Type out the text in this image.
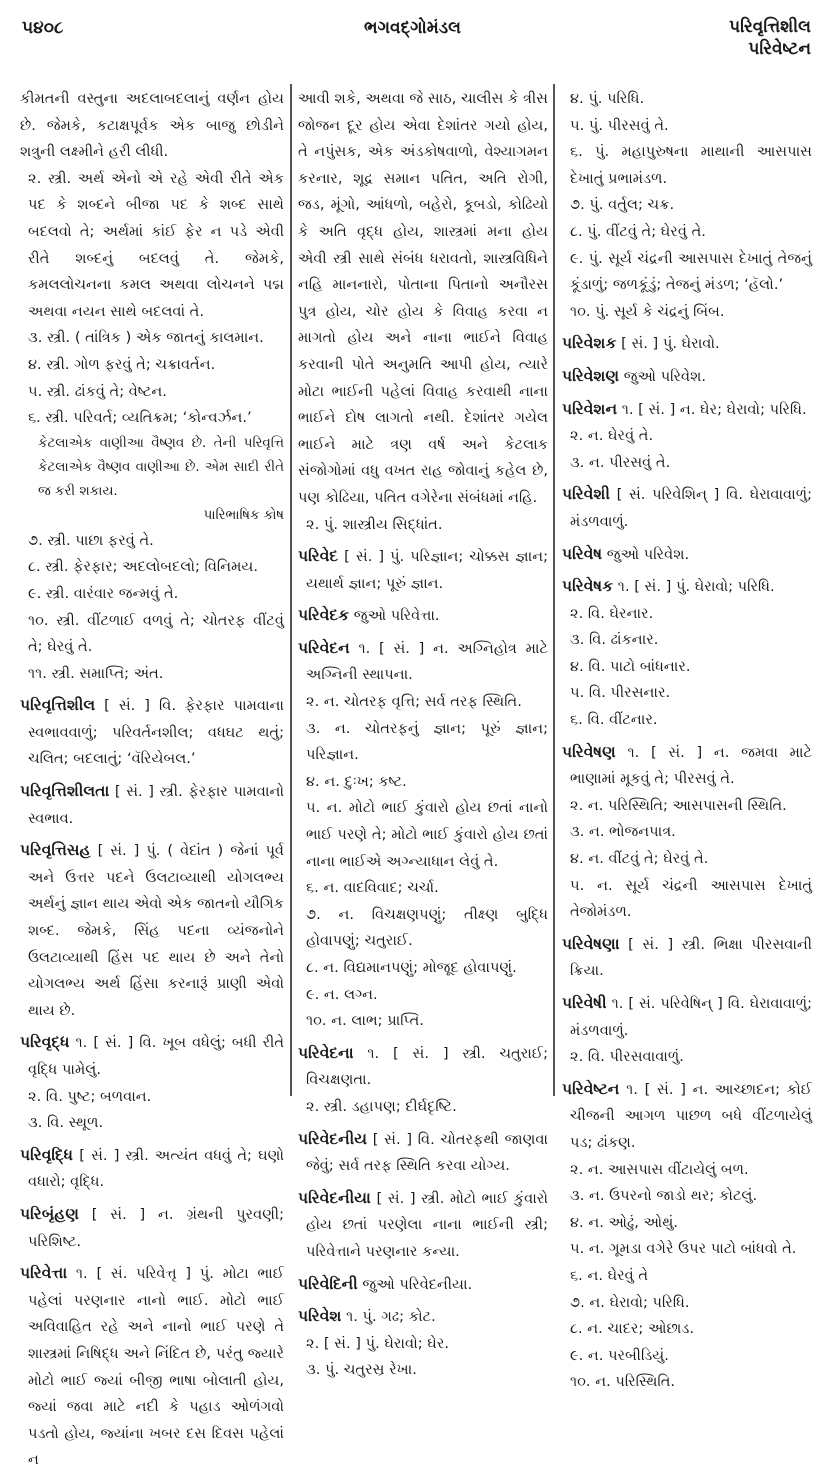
૫૪૦૮	ભગવદ્ગોમંડલ	પરિવૃત્તિશીલ
પરિવેષ્ટન

કીમતની વસ્તુના અદલાબદલાનું વર્ણન હોય છે. જેમકે, કટાક્ષપૂર્વક એક બાજુ છોડીને શત્રુની લક્ષ્મીને હરી લીધી.

૨. સ્ત્રી. અર્થ એનો એ રહે એવી રીતે એક પદ કે શબ્દને બીજા પદ કે શબ્દ સાથે બદલવો તે; અર્થમાં કાંઈ ફેર ન પડે એવી રીતે શબ્દનું બદલવું તે. જેમકે, કમલલોચનના કમલ અથવા લોચનને પદ્મ અથવા નયન સાથે બદલવાં તે.

૩. સ્ત્રી. ( તાંત્રિક ) એક જાતનું કાલમાન.

૪. સ્ત્રી. ગોળ ફરવું તે; ચક્રાવર્તન.

૫. સ્ત્રી. ઢાંકવું તે; વેષ્ટન.

૬. સ્ત્રી. પરિવર્ત; વ્યતિક્રમ; ‘કોન્વર્ઝન.’

કેટલાએક વાણીઆ વૈષ્ણવ છે. તેની પરિવૃત્તિ કેટલાએક વૈષ્ણવ વાણીઆ છે. એમ સાદી રીતે જ કરી શકાય.
પારિભાષિક કોષ

૭. સ્ત્રી. પાછા ફરવું તે.

૮. સ્ત્રી. ફેરફાર; અદલોબદલો; વિનિમય.

૯. સ્ત્રી. વારંવાર જન્મવું તે.

૧૦. સ્ત્રી. વીંટળાઈ વળવું તે; ચોતરફ વીંટવું તે; ઘેરવું તે.

૧૧. સ્ત્રી. સમાપ્તિ; અંત.

પરિવૃત્તિશીલ [ સં. ] વિ. ફેરફાર પામવાના સ્વભાવવાળું; પરિવર્તનશીલ; વધઘટ થતું; ચલિત; બદલાતું; ‘વૅરિયેબલ.’

પરિવૃત્તિશીલતા [ સં. ] સ્ત્રી. ફેરફાર પામવાનો સ્વભાવ.

પરિવૃત્તિસહ [ સં. ] પું. ( વેદાંત ) જેનાં પૂર્વ અને ઉત્તર પદને ઉલટાવ્યાથી યોગલભ્ય અર્થનું જ્ઞાન થાય એવો એક જાતનો યૌગિક શબ્દ. જેમકે, સિંહ પદના વ્યંજનોને ઉલટાવ્યાથી હિંસ પદ થાય છે અને તેનો યોગલભ્ય અર્થ હિંસા કરનારૂં પ્રાણી એવો થાય છે.

પરિવૃદ્ધ ૧. [ સં. ] વિ. ખૂબ વધેલું; બધી રીતે વૃદ્ધિ પામેલું.

૨. વિ. પુષ્ટ; બળવાન.

૩. વિ. સ્થૂળ.

પરિવૃદ્ધિ [ સં. ] સ્ત્રી. અત્યંત વધવું તે; ઘણો વધારો; વૃદ્ધિ.

પરિબૃંહણ [ સં. ] ન. ગ્રંથની પુરવણી; પરિશિષ્ટ.

પરિવેત્તા ૧. [ સં. પરિવેત્તૃ ] પું. મોટા ભાઈ પહેલાં પરણનાર નાનો ભાઈ. મોટો ભાઈ અવિવાહિત રહે અને નાનો ભાઈ પરણે તે શાસ્ત્રમાં નિષિદ્ધ અને નિંદિત છે, પરંતુ જ્યારે મોટો ભાઈ જ્યાં બીજી ભાષા બોલાતી હોય, જ્યાં જવા માટે નદી કે પહાડ ઓળંગવો પડતો હોય, જ્યાંના ખબર દસ દિવસ પહેલાં ન

આવી શકે, અથવા જે સાઠ, ચાલીસ કે ત્રીસ જોજન દૂર હોય એવા દેશાંતર ગયો હોય, તે નપુંસક, એક અંડકોષવાળો, વેશ્યાગમન કરનાર, શૂદ્ર સમાન પતિત, અતિ રોગી, જડ, મૂંગો, આંધળો, બહેરો, કૂબડો, કોઢિયો કે અતિ વૃદ્ધ હોય, શાસ્ત્રમાં મના હોય એવી સ્ત્રી સાથે સંબંધ ધરાવતો, શાસ્ત્રવિધિને નહિ માનનારો, પોતાના પિતાનો અનૌરસ પુત્ર હોય, ચોર હોય કે વિવાહ કરવા ન માગતો હોય અને નાના ભાઈને વિવાહ કરવાની પોતે અનુમતિ આપી હોય, ત્યારે મોટા ભાઈની પહેલાં વિવાહ કરવાથી નાના ભાઈને દોષ લાગતો નથી. દેશાંતર ગયેલ ભાઈને માટે ત્રણ વર્ષ અને કેટલાક સંજોગોમાં વધુ વખત રાહ જોવાનું કહેલ છે, પણ કોઢિયા, પતિત વગેરેના સંબંધમાં નહિ.

૨. પું. શાસ્ત્રીય સિદ્ધાંત.

પરિવેદ [ સં. ] પું. પરિજ્ઞાન; ચોક્કસ જ્ઞાન; યથાર્થ જ્ઞાન; પૂરું જ્ઞાન.

પરિવેદક જુઓ પરિવેત્તા.

પરિવેદન ૧. [ સં. ] ન. અગ્નિહોત્ર માટે અગ્નિની સ્થાપના.

૨. ન. ચોતરફ વૃત્તિ; સર્વ તરફ સ્થિતિ.

૩. ન. ચોતરફનું જ્ઞાન; પૂરું જ્ઞાન; પરિજ્ઞાન.

૪. ન. દુઃખ; કષ્ટ.

૫. ન. મોટો ભાઈ કુંવારો હોય છતાં નાનો ભાઈ પરણે તે; મોટો ભાઈ કુંવારો હોય છતાં નાના ભાઈએ અગ્ન્યાધાન લેવું તે.

૬. ન. વાદવિવાદ; ચર્ચા.

૭. ન. વિચક્ષણપણું; તીક્ષ્ણ બુદ્ધિ હોવાપણું; ચતુરાઈ.

૮. ન. વિદ્યમાનપણું; મોજૂદ હોવાપણું.

૯. ન. લગ્ન.

૧૦. ન. લાભ; પ્રાપ્તિ.

પરિવેદના ૧. [ સં. ] સ્ત્રી. ચતુરાઈ; વિચક્ષણતા.

૨. સ્ત્રી. ડહાપણ; દીર્ઘદૃષ્ટિ.

પરિવેદનીય [ સં. ] વિ. ચોતરફથી જાણવા જેવું; સર્વ તરફ સ્થિતિ કરવા યોગ્ય.

પરિવેદનીયા [ સં. ] સ્ત્રી. મોટો ભાઈ કુંવારો હોય છતાં પરણેલા નાના ભાઈની સ્ત્રી; પરિવેત્તાને પરણનાર કન્યા.

પરિવેદિની જુઓ પરિવેદનીયા.

પરિવેશ ૧. પું. ગઢ; કોટ.

૨. [ સં. ] પું. ઘેરાવો; ઘેર.

૩. પું. ચતુરસ્ર રેખા.

૪. પું. પરિધિ.

૫. પું. પીરસવું તે.

૬. પું. મહાપુરુષના માથાની આસપાસ દેખાતું પ્રભામંડળ.

૭. પું. વર્તુલ; ચક્ર.

૮. પું. વીંટવું તે; ઘેરવું તે.

૯. પું. સૂર્ય ચંદ્રની આસપાસ દેખાતું તેજનું કૂંડાળું; જળકૂંડું; તેજનું મંડળ; ‘હૅલો.’

૧૦. પું. સૂર્ય કે ચંદ્રનું બિંબ.

પરિવેશક [ સં. ] પું. ઘેરાવો.

પરિવેશણ જુઓ પરિવેશ.

પરિવેશન ૧. [ સં. ] ન. ઘેર; ઘેરાવો; પરિધિ.

૨. ન. ઘેરવું તે.

૩. ન. પીરસવું તે.

પરિવેશી [ સં. પરિવેશિન્ ] વિ. ઘેરાવાવાળું; મંડળવાળું.

પરિવેષ જુઓ પરિવેશ.

પરિવેષક ૧. [ સં. ] પું. ઘેરાવો; પરિધિ.

૨. વિ. ઘેરનાર.

૩. વિ. ઢાંકનાર.

૪. વિ. પાટો બાંધનાર.

૫. વિ. પીરસનાર.

૬. વિ. વીંટનાર.

પરિવેષણ ૧. [ સં. ] ન. જમવા માટે ભાણામાં મૂકવું તે; પીરસવું તે.

૨. ન. પરિસ્થિતિ; આસપાસની સ્થિતિ.

૩. ન. ભોજનપાત્ર.

૪. ન. વીંટવું તે; ઘેરવું તે.

૫. ન. સૂર્ય ચંદ્રની આસપાસ દેખાતું તેજોમંડળ.

પરિવેષણા [ સં. ] સ્ત્રી. ભિક્ષા પીરસવાની ક્રિયા.

પરિવેષી ૧. [ સં. પરિવેષિન્ ] વિ. ઘેરાવાવાળું; મંડળવાળું.

૨. વિ. પીરસવાવાળું.

પરિવેષ્ટન ૧. [ સં. ] ન. આચ્છાદન; કોઈ ચીજની આગળ પાછળ બધે વીંટળાયેલું પડ; ઢાંકણ.

૨. ન. આસપાસ વીંટાયેલું બળ.

૩. ન. ઉપરનો જાડો થર; કોટલું.

૪. ન. ઓઢું, ઓથું.

૫. ન. ગૂમડા વગેરે ઉપર પાટો બાંધવો તે.

૬. ન. ઘેરવું તે

૭. ન. ઘેરાવો; પરિધિ.

૮. ન. ચાદર; ઓછાડ.

૯. ન. પરબીડિયું.

૧૦. ન. પરિસ્થિતિ.
